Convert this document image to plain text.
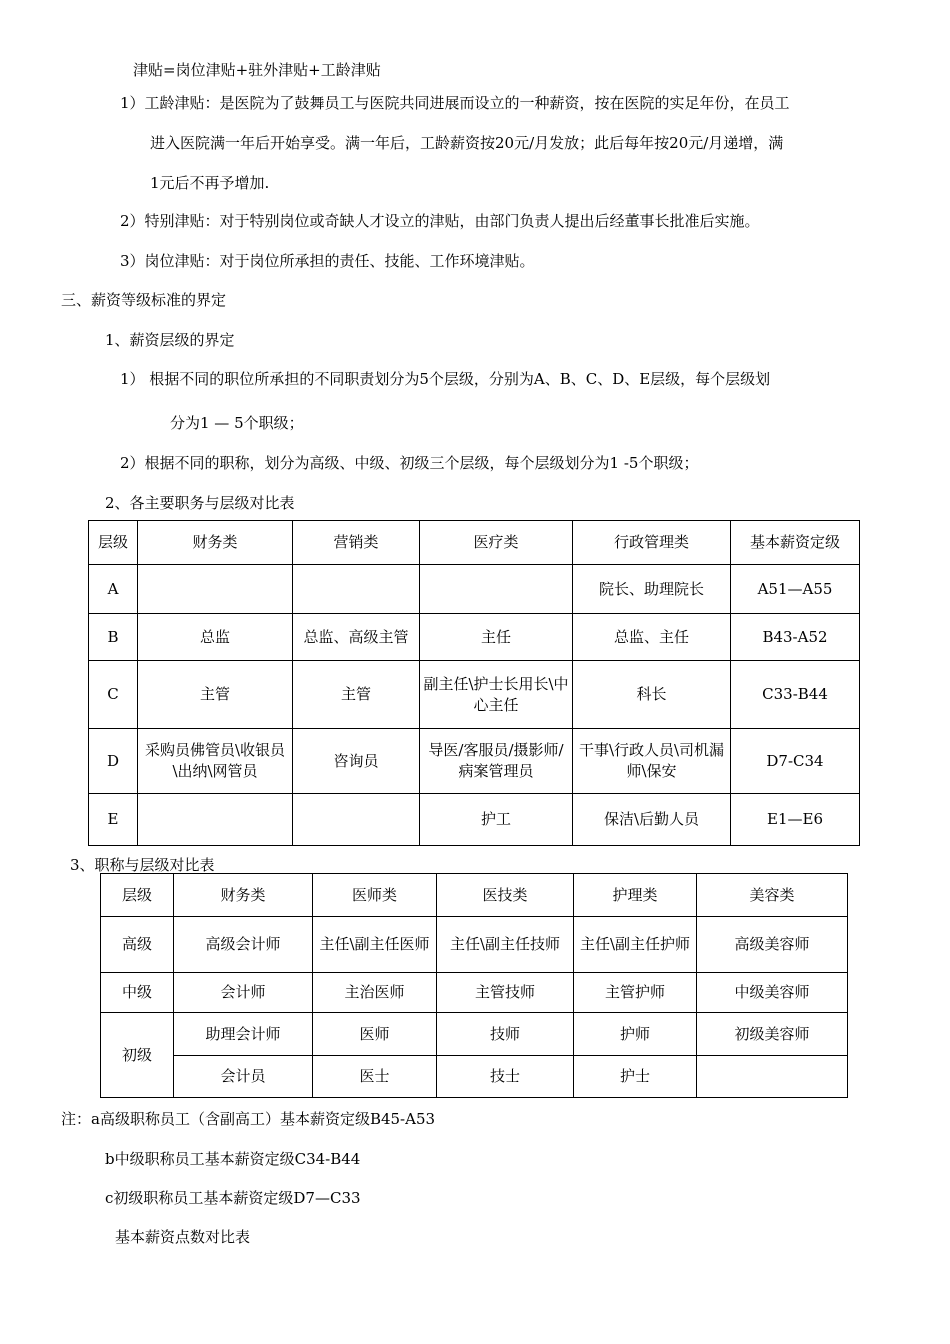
津贴=岗位津贴+驻外津贴+工龄津贴
1）工龄津贴：是医院为了鼓舞员工与医院共同进展而设立的一种薪资，按在医院的实足年份，在员工
进入医院满一年后开始享受。满一年后，工龄薪资按20元/月发放；此后每年按20元/月递增，满
1元后不再予增加.
2）特别津贴：对于特别岗位或奇缺人才设立的津贴，由部门负责人提出后经董事长批准后实施。
3）岗位津贴：对于岗位所承担的责任、技能、工作环境津贴。
三、薪资等级标准的界定
1、薪资层级的界定
1） 根据不同的职位所承担的不同职责划分为5个层级，分别为A、B、C、D、E层级，每个层级划
分为1 — 5个职级；
2）根据不同的职称，划分为高级、中级、初级三个层级，每个层级划分为1 -5个职级；
2、各主要职务与层级对比表
层级	财务类	营销类	医疗类	行政管理类	基本薪资定级
A				院长、助理院长	A51—A55
B	总监	总监、高级主管	主任	总监、主任	B43-A52
C	主管	主管	副主任\护士长用长\中心主任	科长	C33-B44
D	采购员佛管员\收银员\出纳\网管员	咨询员	导医/客服员/摄影师/病案管理员	干事\行政人员\司机漏师\保安	D7-C34
E			护工	保洁\后勤人员	E1—E6
3、职称与层级对比表
层级	财务类	医师类	医技类	护理类	美容类
高级	高级会计师	主任\副主任医师	主任\副主任技师	主任\副主任护师	高级美容师
中级	会计师	主治医师	主管技师	主管护师	中级美容师
初级	助理会计师	医师	技师	护师	初级美容师
	会计员	医士	技士	护士	
注：a高级职称员工（含副高工）基本薪资定级B45-A53
b中级职称员工基本薪资定级C34-B44
c初级职称员工基本薪资定级D7—C33
基本薪资点数对比表
